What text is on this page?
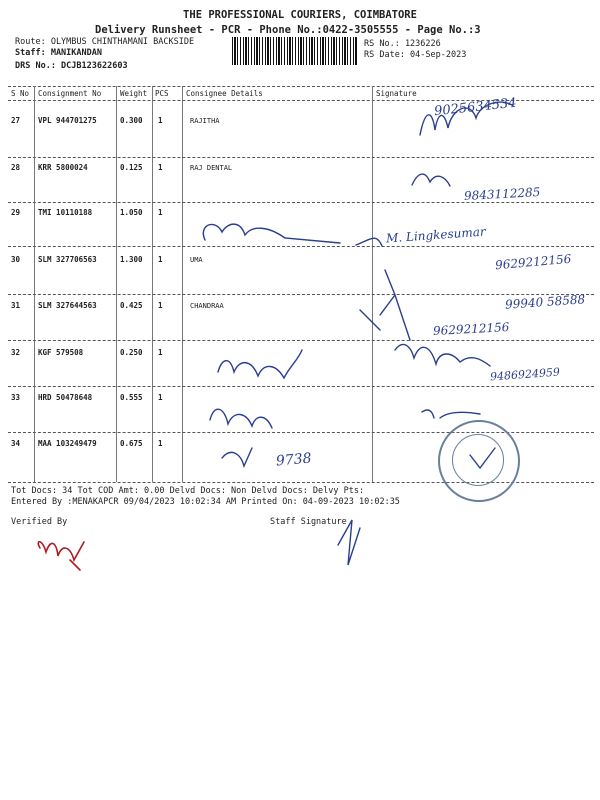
THE PROFESSIONAL COURIERS, COIMBATORE
Delivery Runsheet - PCR - Phone No.:0422-3505555 - Page No.:3
Route: OLYMBUS CHINTHAMANI BACKSIDE
Staff: MANIKANDAN
DRS No.: DCJB123622603
RS No.: 1236226
RS Date: 04-Sep-2023
S No Consignment No	Weight PCS Consignee Details	Signature
27 VPL 944701275	0.300 1	RAJITHA
28 KRR 5800024	0.125 1	RAJ DENTAL
29 TMI 10110188	1.050 1
30 SLM 327706563	1.300 1	UMA
31 SLM 327644563	0.425 1	CHANDRAA
32 KGF 579508	0.250 1
33 HRD 50478648	0.555 1
34 MAA 103249479	0.675 1
Tot Docs: 34 Tot COD Amt: 0.00 Delvd Docs: Non Delvd Docs: Delvy Pts:
Entered By :MENAKAPCR 09/04/2023 10:02:34 AM Printed On: 04-09-2023 10:02:35
Verified By	Staff Signature
9025634534
9843112285
M. Lingkesumar
9629212156
99940 58588
9629212156
9486924959
9738
